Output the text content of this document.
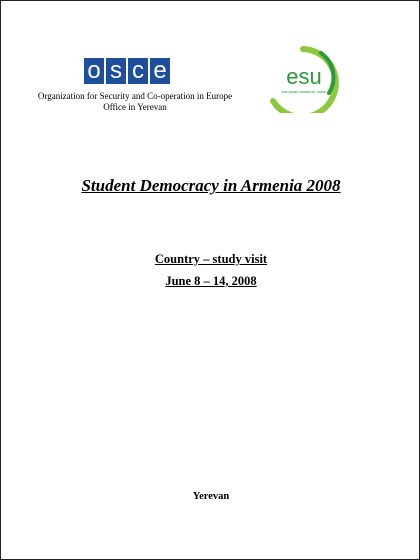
o s c e
Organization for Security and Co-operation in Europe
Office in Yerevan
esu
european students' union
Student Democracy in Armenia 2008
Country – study visit
June 8 – 14, 2008
Yerevan
